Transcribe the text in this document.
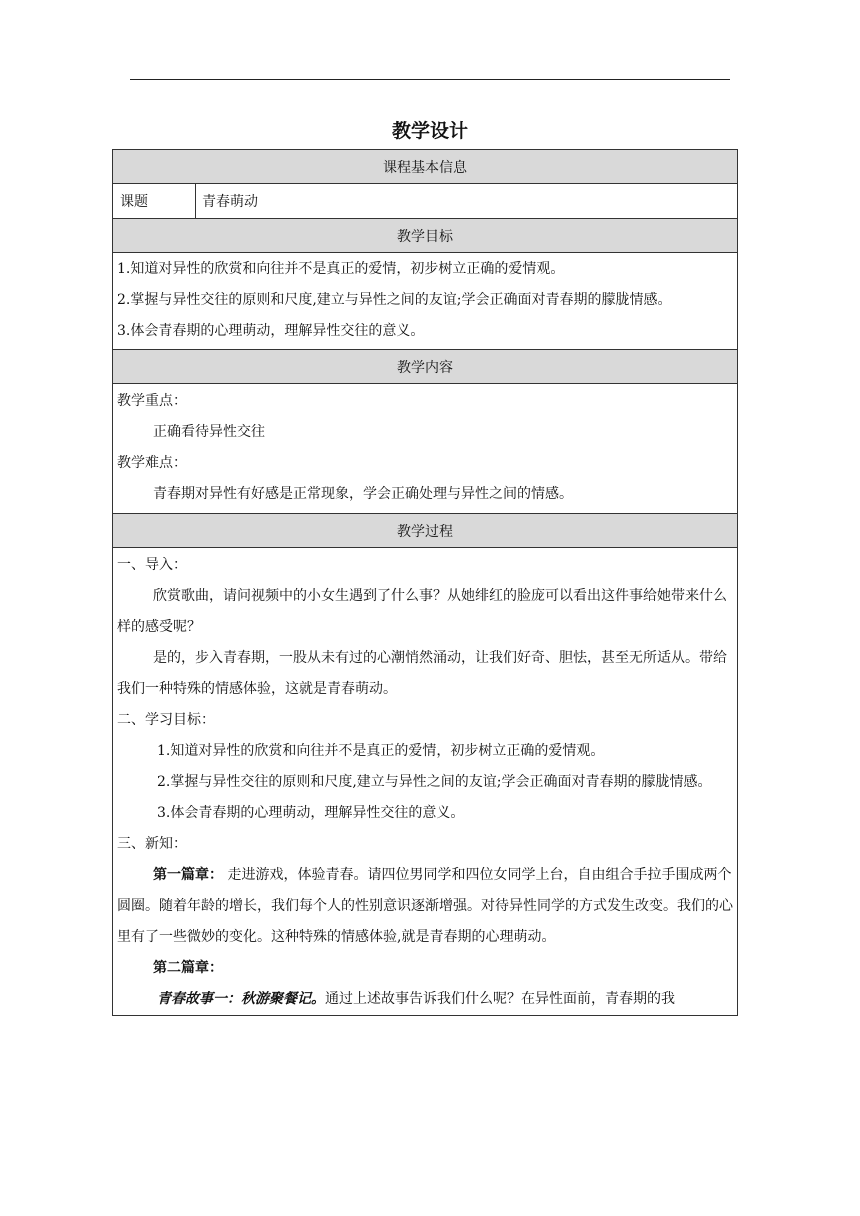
教学设计
课程基本信息
课题	青春萌动
教学目标

1.知道对异性的欣赏和向往并不是真正的爱情，初步树立正确的爱情观。

2.掌握与异性交往的原则和尺度,建立与异性之间的友谊;学会正确面对青春期的朦胧情感。

3.体会青春期的心理萌动，理解异性交往的意义。

教学内容

教学重点：

正确看待异性交往

教学难点：

青春期对异性有好感是正常现象，学会正确处理与异性之间的情感。

教学过程

一、导入：

欣赏歌曲，请问视频中的小女生遇到了什么事？从她绯红的脸庞可以看出这件事给她带来什么样的感受呢？

是的，步入青春期，一股从未有过的心潮悄然涌动，让我们好奇、胆怯，甚至无所适从。带给我们一种特殊的情感体验，这就是青春萌动。

二、学习目标：

1.知道对异性的欣赏和向往并不是真正的爱情，初步树立正确的爱情观。

2.掌握与异性交往的原则和尺度,建立与异性之间的友谊;学会正确面对青春期的朦胧情感。

3.体会青春期的心理萌动，理解异性交往的意义。

三、新知：

第一篇章： 走进游戏，体验青春。请四位男同学和四位女同学上台，自由组合手拉手围成两个圆圈。随着年龄的增长，我们每个人的性别意识逐渐增强。对待异性同学的方式发生改变。我们的心里有了一些微妙的变化。这种特殊的情感体验,就是青春期的心理萌动。

第二篇章：

青春故事一：秋游聚餐记。通过上述故事告诉我们什么呢？在异性面前，青春期的我
